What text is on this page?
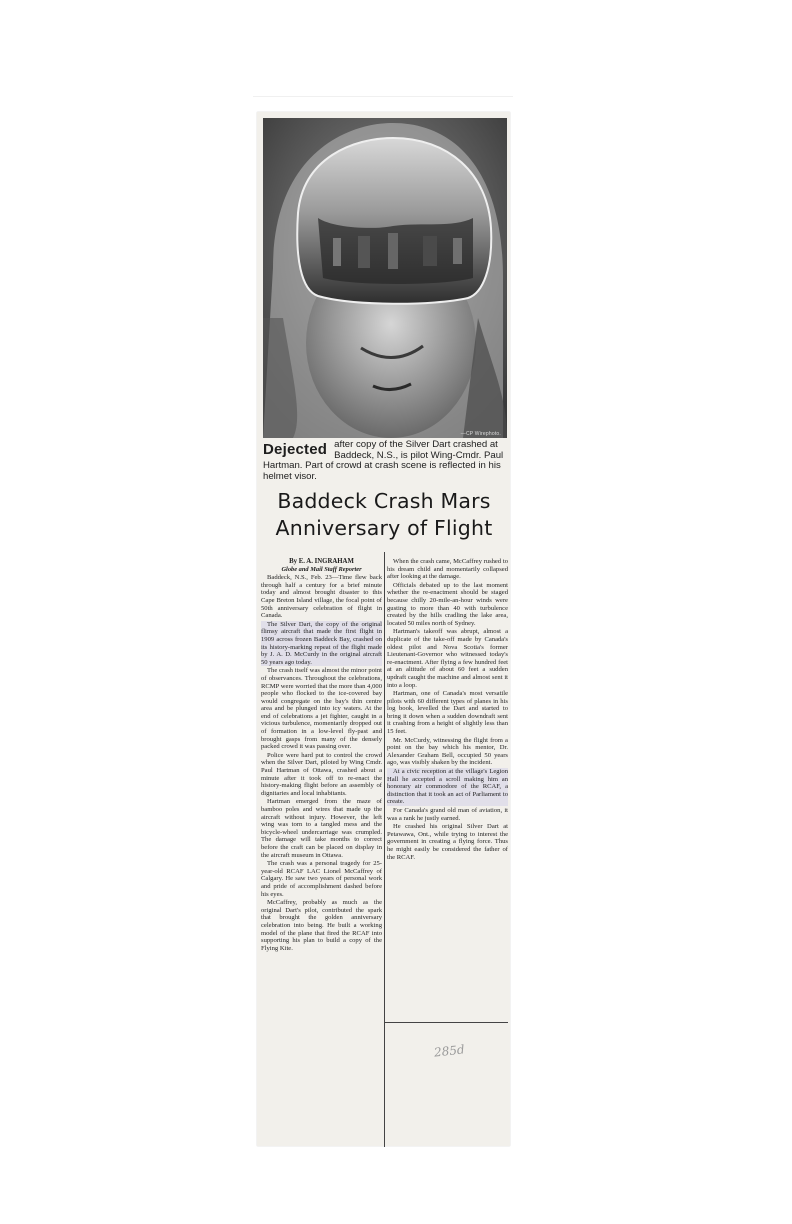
—CP Wirephoto.
Dejected after copy of the Silver Dart crashed at Baddeck, N.S., is pilot Wing-Cmdr. Paul Hartman. Part of crowd at crash scene is reflected in his helmet visor.
Baddeck Crash Mars
Anniversary of Flight
By E. A. INGRAHAM
Globe and Mail Staff Reporter

Baddeck, N.S., Feb. 23—Time flew back through half a century for a brief minute today and almost brought disaster to this Cape Breton Island village, the focal point of 50th anniversary celebration of flight in Canada.

The Silver Dart, the copy of the original flimsy aircraft that made the first flight in 1909 across frozen Baddeck Bay, crashed on its history-marking repeat of the flight made by J. A. D. McCurdy in the original aircraft 50 years ago today.

The crash itself was almost the minor point of observances. Throughout the celebrations, RCMP were worried that the more than 4,000 people who flocked to the ice-covered bay would congregate on the bay's thin centre area and be plunged into icy waters. At the end of celebrations a jet fighter, caught in a vicious turbulence, momentarily dropped out of formation in a low-level fly-past and brought gasps from many of the densely packed crowd it was passing over.

Police were hard put to control the crowd when the Silver Dart, piloted by Wing Cmdr. Paul Hartman of Ottawa, crashed about a minute after it took off to re-enact the history-making flight before an assembly of dignitaries and local inhabitants.

Hartman emerged from the maze of bamboo poles and wires that made up the aircraft without injury. However, the left wing was torn to a tangled mess and the bicycle-wheel undercarriage was crumpled. The damage will take months to correct before the craft can be placed on display in the aircraft museum in Ottawa.

The crash was a personal tragedy for 25-year-old RCAF LAC Lionel McCaffrey of Calgary. He saw two years of personal work and pride of accomplishment dashed before his eyes.

McCaffrey, probably as much as the original Dart's pilot, contributed the spark that brought the golden anniversary celebration into being. He built a working model of the plane that fired the RCAF into supporting his plan to build a copy of the Flying Kite.

When the crash came, McCaffrey rushed to his dream child and momentarily collapsed after looking at the damage.

Officials debated up to the last moment whether the re-enactment should be staged because chilly 20-mile-an-hour winds were gusting to more than 40 with turbulence created by the hills cradling the lake area, located 50 miles north of Sydney.

Hartman's takeoff was abrupt, almost a duplicate of the take-off made by Canada's oldest pilot and Nova Scotia's former Lieutenant-Governor who witnessed today's re-enactment. After flying a few hundred feet at an altitude of about 60 feet a sudden updraft caught the machine and almost sent it into a loop.

Hartman, one of Canada's most versatile pilots with 60 different types of planes in his log book, levelled the Dart and started to bring it down when a sudden downdraft sent it crashing from a height of slightly less than 15 feet.

Mr. McCurdy, witnessing the flight from a point on the bay which his mentor, Dr. Alexander Graham Bell, occupied 50 years ago, was visibly shaken by the incident.

At a civic reception at the village's Legion Hall he accepted a scroll making him an honorary air commodore of the RCAF, a distinction that it took an act of Parliament to create.

For Canada's grand old man of aviation, it was a rank he justly earned.

He crashed his original Silver Dart at Petawawa, Ont., while trying to interest the government in creating a flying force. Thus he might easily be considered the father of the RCAF.

285d
